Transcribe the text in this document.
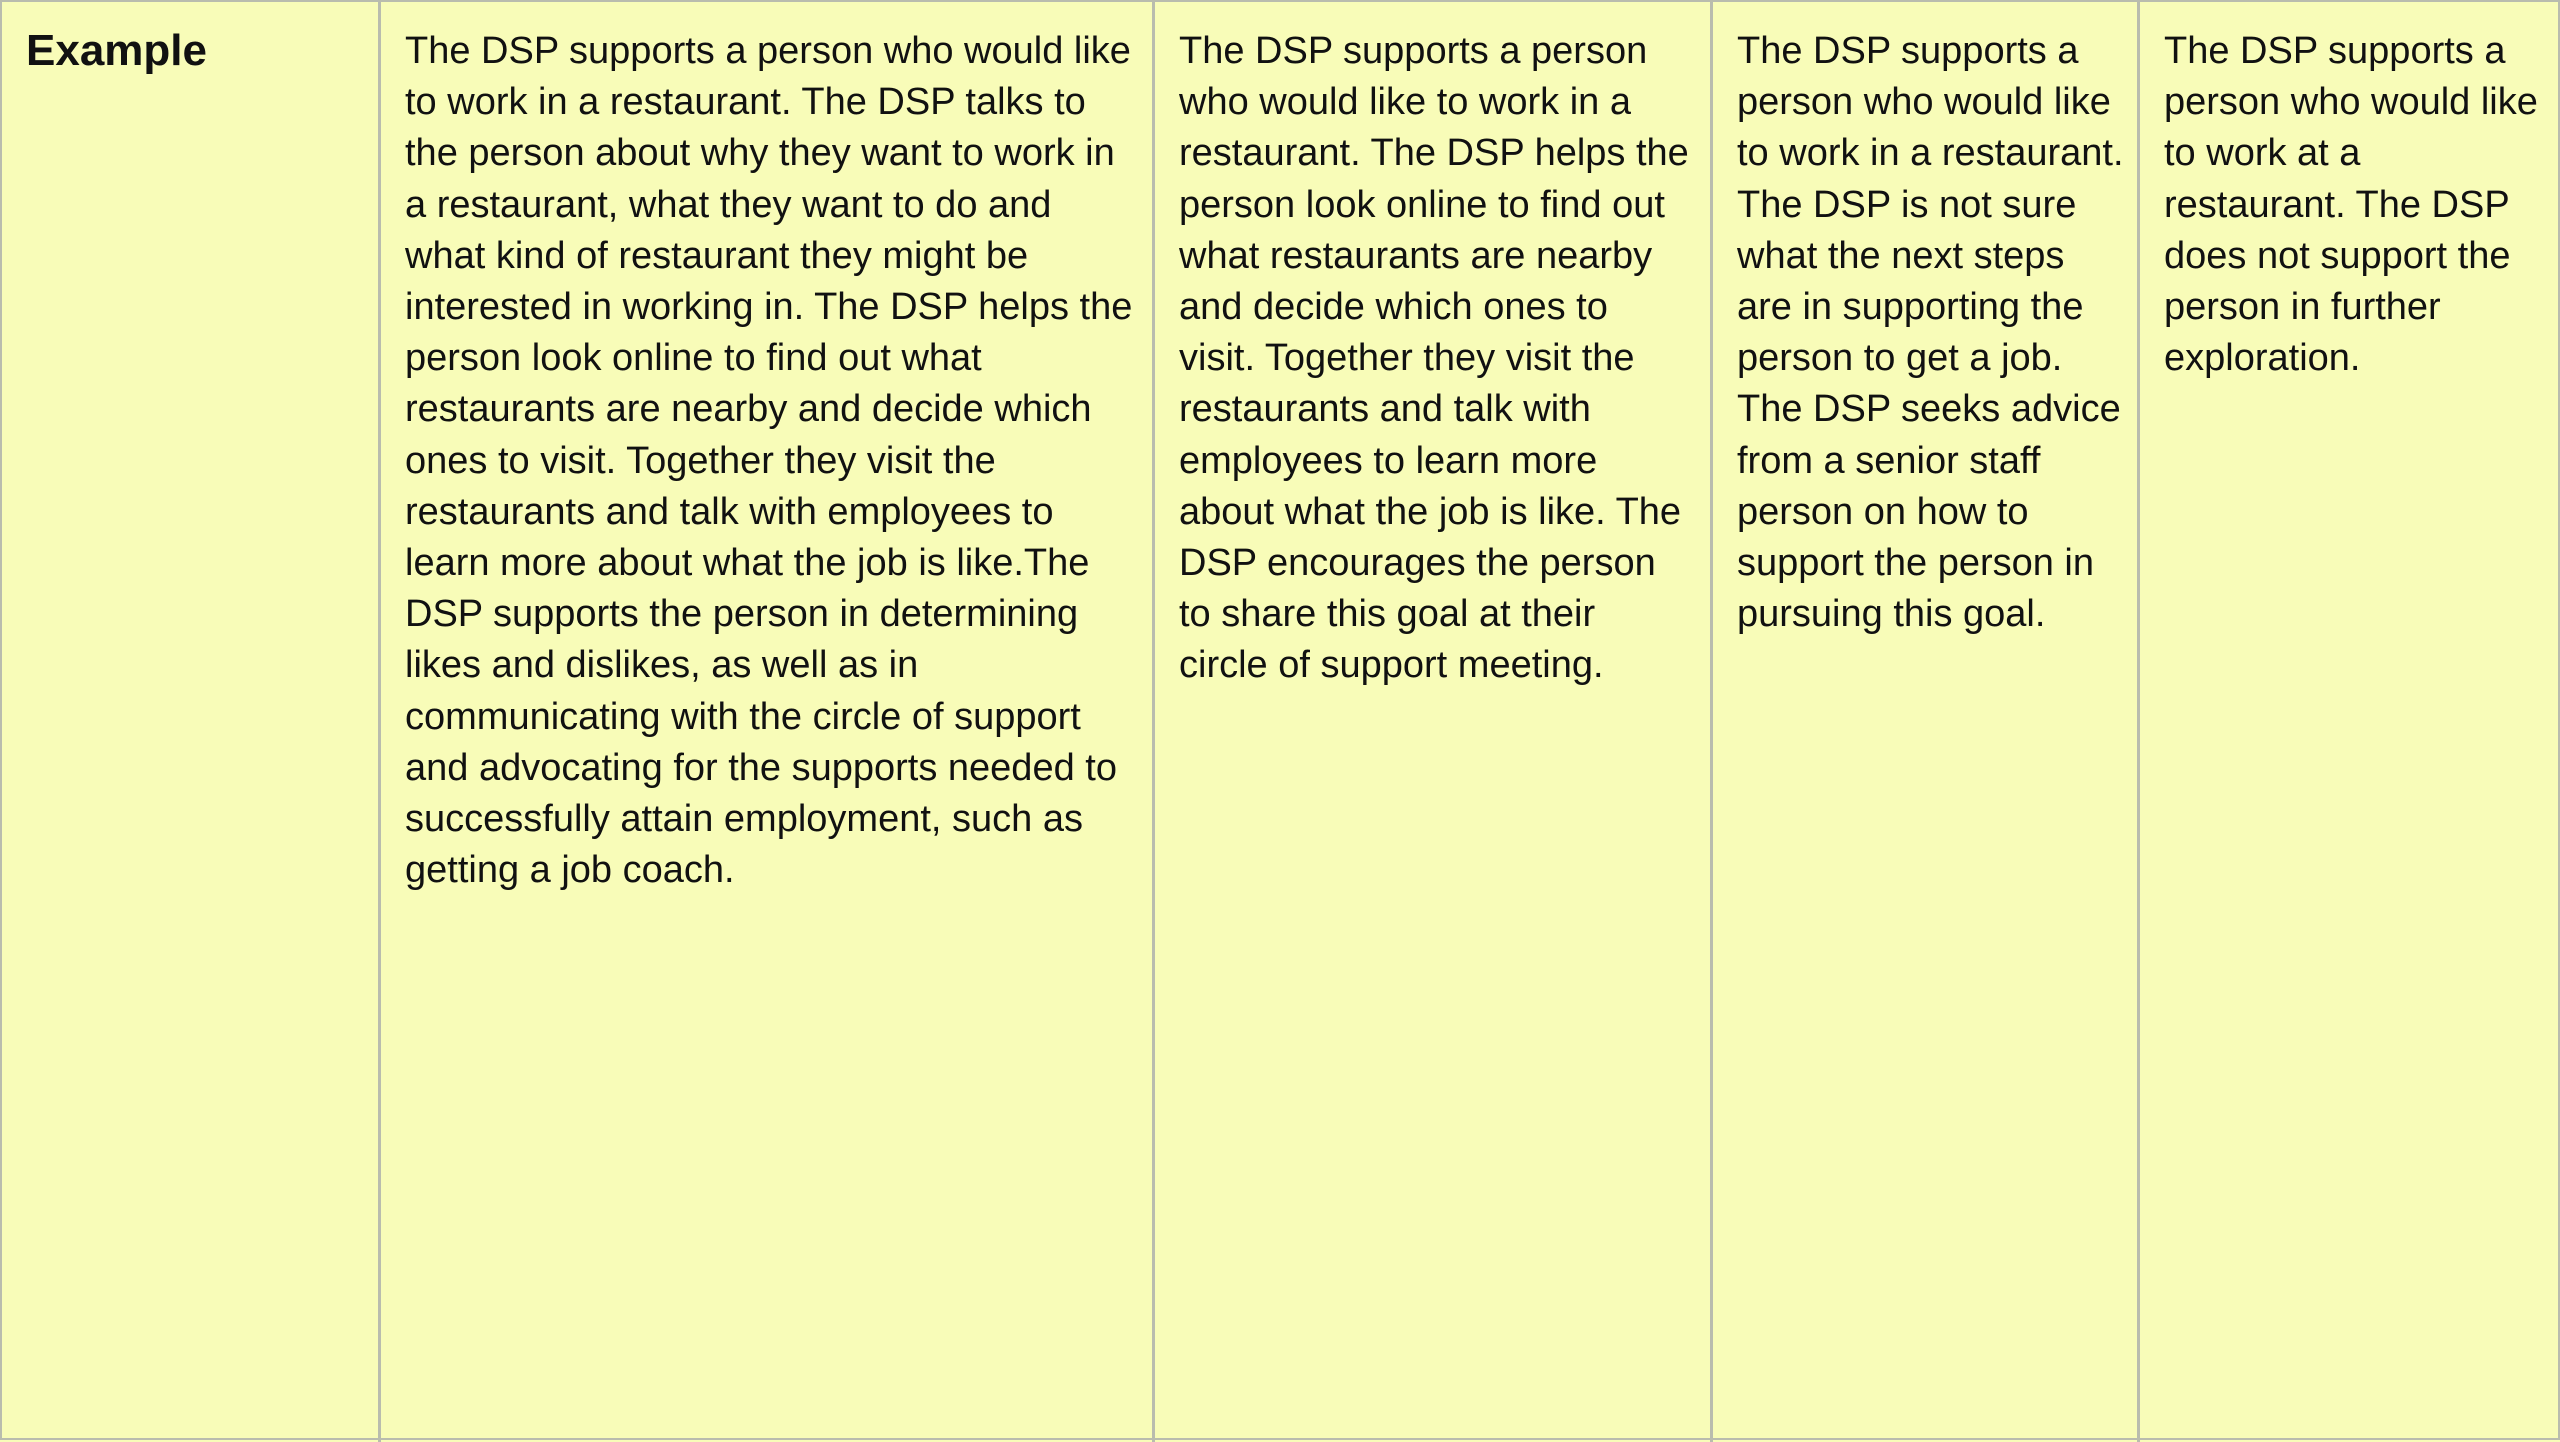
Example	The DSP supports a person who would like to work in a restaurant. The DSP talks to the person about why they want to work in a restaurant, what they want to do and what kind of restaurant they might be interested in working in. The DSP helps the person look online to find out what restaurants are nearby and decide which ones to visit. Together they visit the restaurants and talk with employees to learn more about what the job is like.The DSP supports the person in determining likes and dislikes, as well as in communicating with the circle of support and advocating for the supports needed to successfully attain employment, such as getting a job coach.

The DSP supports a person who would like to work in a restaurant. The DSP helps the person look online to find out what restaurants are nearby and decide which ones to visit. Together they visit the restaurants and talk with employees to learn more about what the job is like. The DSP encourages the person to share this goal at their circle of support meeting.

The DSP supports a person who would like to work in a restaurant. The DSP is not sure what the next steps are in supporting the person to get a job. The DSP seeks advice from a senior staff person on how to support the person in pursuing this goal.

The DSP supports a person who would like to work at a restaurant. The DSP does not support the person in further exploration.
